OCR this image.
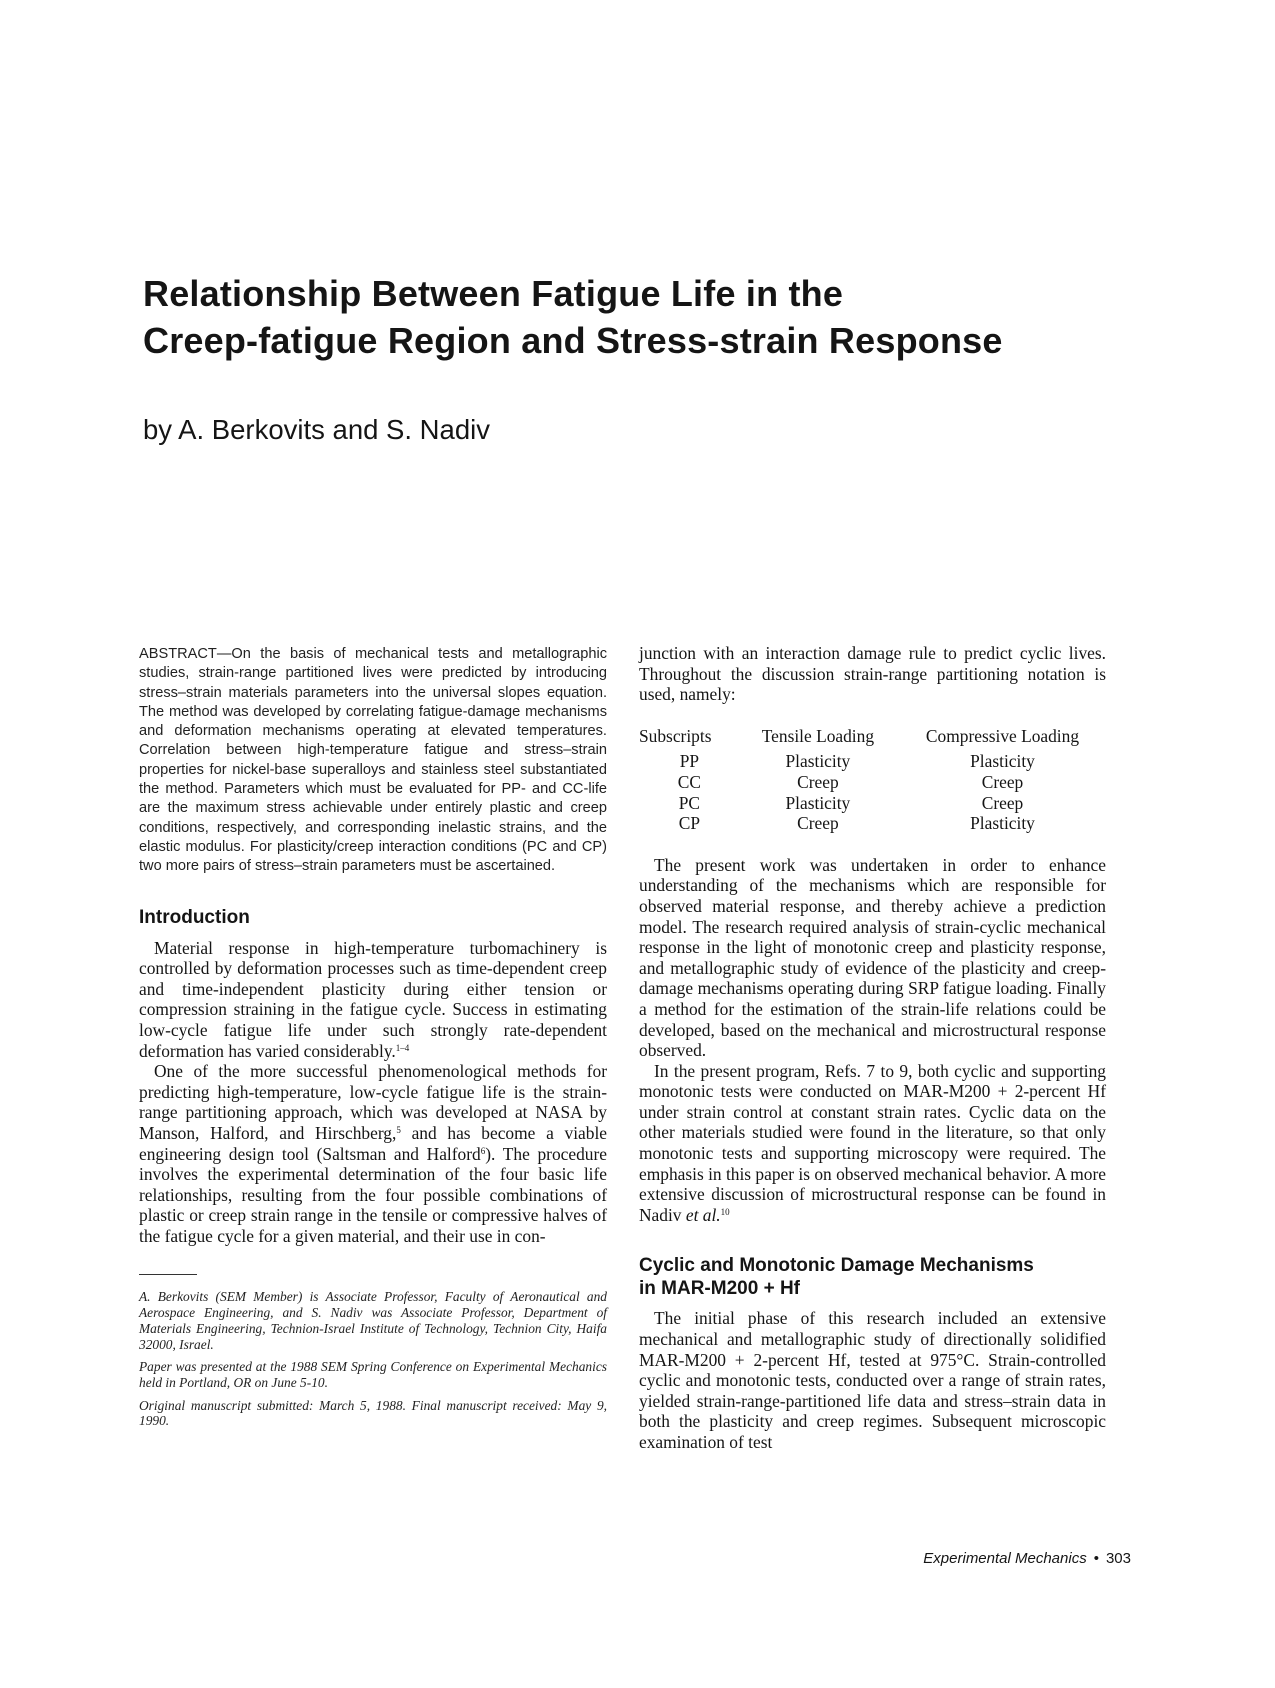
Relationship Between Fatigue Life in the
Creep-fatigue Region and Stress-strain Response
by A. Berkovits and S. Nadiv

ABSTRACT—On the basis of mechanical tests and metallographic studies, strain-range partitioned lives were predicted by introducing stress–strain materials parameters into the universal slopes equation. The method was developed by correlating fatigue-damage mechanisms and deformation mechanisms operating at elevated temperatures. Correlation between high-temperature fatigue and stress–strain properties for nickel-base superalloys and stainless steel substantiated the method. Parameters which must be evaluated for PP- and CC-life are the maximum stress achievable under entirely plastic and creep conditions, respectively, and corresponding inelastic strains, and the elastic modulus. For plasticity/creep interaction conditions (PC and CP) two more pairs of stress–strain parameters must be ascertained.

Introduction

Material response in high-temperature turbomachinery is controlled by deformation processes such as time-dependent creep and time-independent plasticity during either tension or compression straining in the fatigue cycle. Success in estimating low-cycle fatigue life under such strongly rate-dependent deformation has varied considerably.$^{1-4}$

One of the more successful phenomenological methods for predicting high-temperature, low-cycle fatigue life is the strain-range partitioning approach, which was developed at NASA by Manson, Halford, and Hirschberg,$^5$ and has become a viable engineering design tool (Saltsman and Halford$^6$). The procedure involves the experimental determination of the four basic life relationships, resulting from the four possible combinations of plastic or creep strain range in the tensile or compressive halves of the fatigue cycle for a given material, and their use in con-

A. Berkovits (SEM Member) is Associate Professor, Faculty of Aeronautical and Aerospace Engineering, and S. Nadiv was Associate Professor, Department of Materials Engineering, Technion-Israel Institute of Technology, Technion City, Haifa 32000, Israel.

Paper was presented at the 1988 SEM Spring Conference on Experimental Mechanics held in Portland, OR on June 5-10.

Original manuscript submitted: March 5, 1988. Final manuscript received: May 9, 1990.

junction with an interaction damage rule to predict cyclic lives. Throughout the discussion strain-range partitioning notation is used, namely:

Subscripts	Tensile Loading	Compressive Loading
PP	Plasticity	Plasticity
CC	Creep	Creep
PC	Plasticity	Creep
CP	Creep	Plasticity

The present work was undertaken in order to enhance understanding of the mechanisms which are responsible for observed material response, and thereby achieve a prediction model. The research required analysis of strain-cyclic mechanical response in the light of monotonic creep and plasticity response, and metallographic study of evidence of the plasticity and creep-damage mechanisms operating during SRP fatigue loading. Finally a method for the estimation of the strain-life relations could be developed, based on the mechanical and microstructural response observed.

In the present program, Refs. 7 to 9, both cyclic and supporting monotonic tests were conducted on MAR-M200 + 2-percent Hf under strain control at constant strain rates. Cyclic data on the other materials studied were found in the literature, so that only monotonic tests and supporting microscopy were required. The emphasis in this paper is on observed mechanical behavior. A more extensive discussion of microstructural response can be found in Nadiv et al.$^{10}$

Cyclic and Monotonic Damage Mechanisms
in MAR-M200 + Hf

The initial phase of this research included an extensive mechanical and metallographic study of directionally solidified MAR-M200 + 2-percent Hf, tested at 975°C. Strain-controlled cyclic and monotonic tests, conducted over a range of strain rates, yielded strain-range-partitioned life data and stress–strain data in both the plasticity and creep regimes. Subsequent microscopic examination of test

Experimental Mechanics • 303
